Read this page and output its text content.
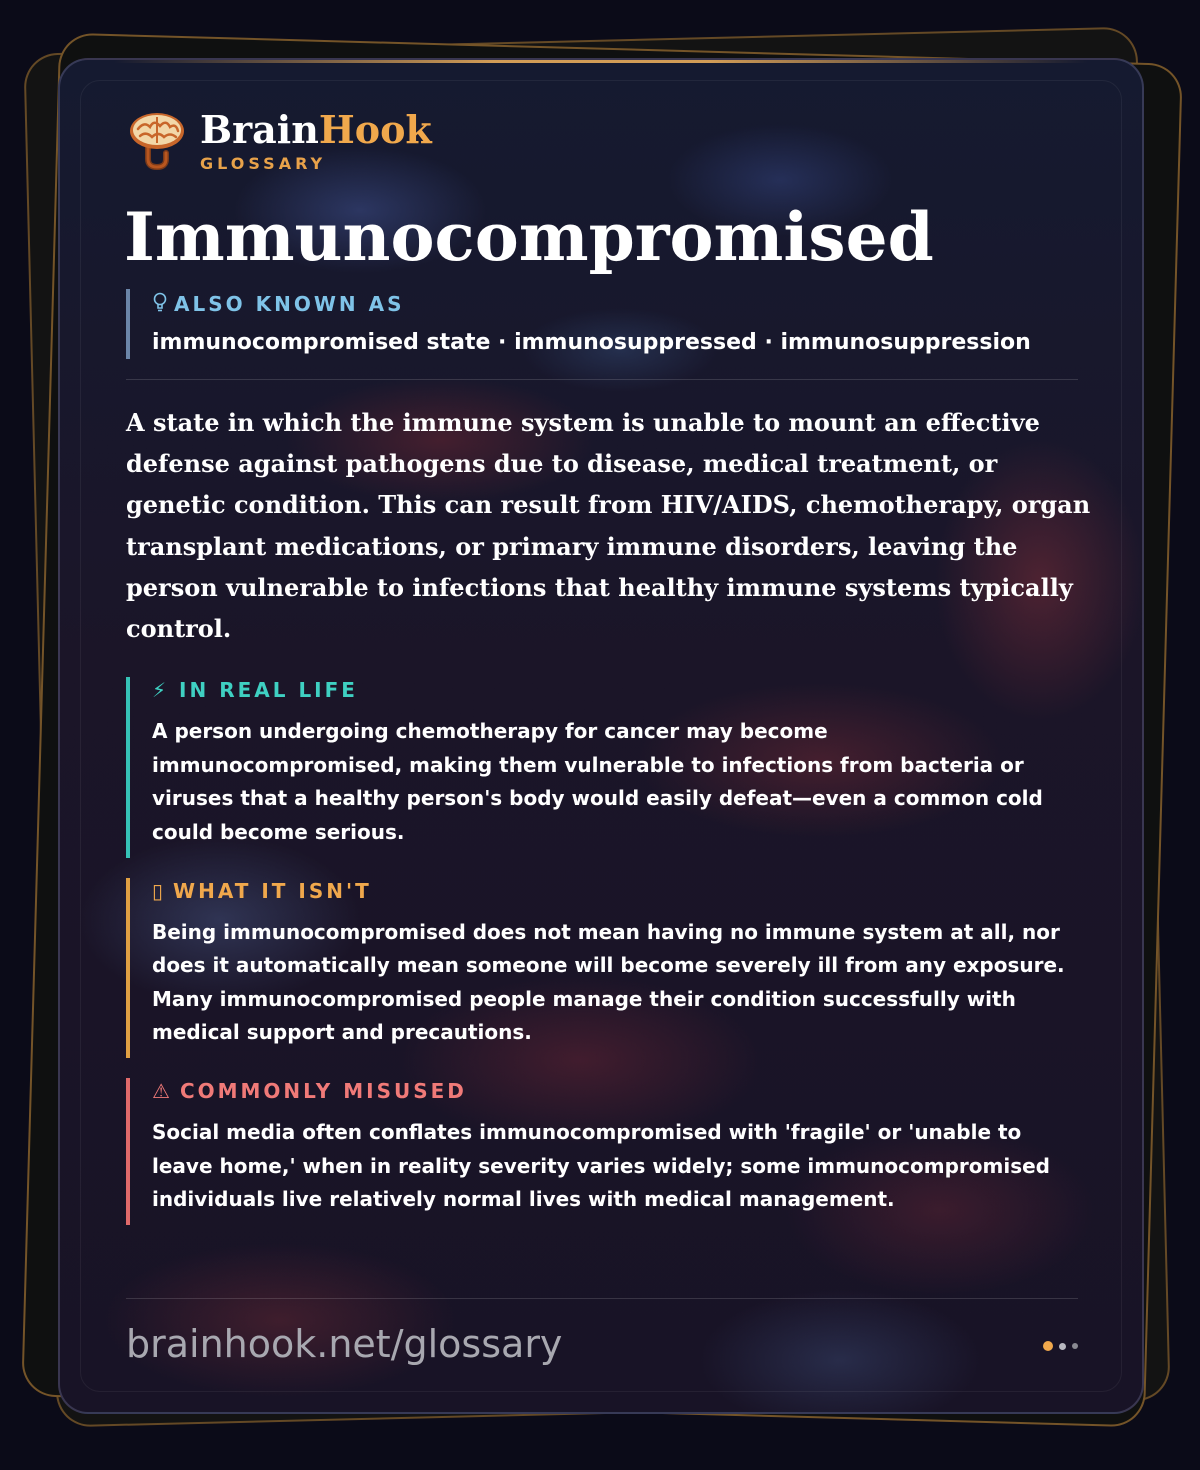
BrainHook
GLOSSARY
Immunocompromised
ALSO KNOWN AS
immunocompromised state · immunosuppressed · immunosuppression
A state in which the immune system is unable to mount an effective defense against pathogens due to disease, medical treatment, or genetic condition. This can result from HIV/AIDS, chemotherapy, organ transplant medications, or primary immune disorders, leaving the person vulnerable to infections that healthy immune systems typically control.
⚡ IN REAL LIFE
A person undergoing chemotherapy for cancer may become immunocompromised, making them vulnerable to infections from bacteria or viruses that a healthy person's body would easily defeat—even a common cold could become serious.
▯ WHAT IT ISN'T
Being immunocompromised does not mean having no immune system at all, nor does it automatically mean someone will become severely ill from any exposure. Many immunocompromised people manage their condition successfully with medical support and precautions.
⚠ COMMONLY MISUSED
Social media often conflates immunocompromised with 'fragile' or 'unable to leave home,' when in reality severity varies widely; some immunocompromised individuals live relatively normal lives with medical management.
brainhook.net/glossary
